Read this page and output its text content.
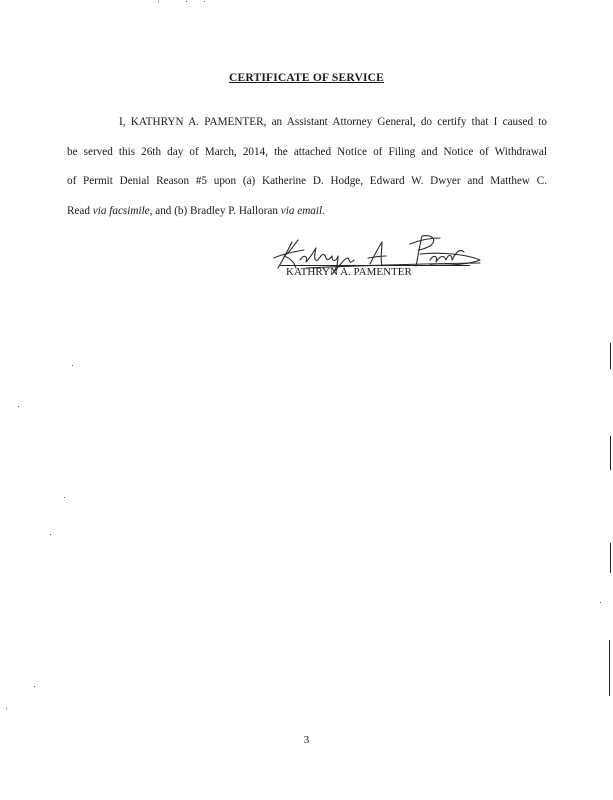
CERTIFICATE OF SERVICE
I, KATHRYN A. PAMENTER, an Assistant Attorney General, do certify that I caused to
be served this 26th day of March, 2014, the attached Notice of Filing and Notice of Withdrawal
of Permit Denial Reason #5 upon (a) Katherine D. Hodge, Edward W. Dwyer and Matthew C.
Read via facsimile, and (b) Bradley P. Halloran via email.
KATHRYN A. PAMENTER
3
